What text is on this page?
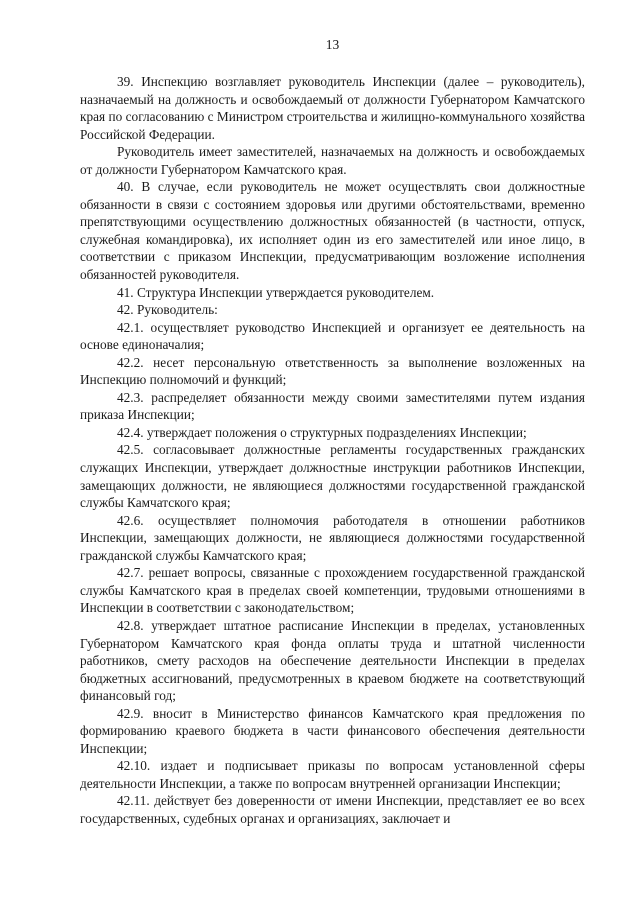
13

39. Инспекцию возглавляет руководитель Инспекции (далее – руководитель), назначаемый на должность и освобождаемый от должности Губернатором Камчатского края по согласованию с Министром строительства и жилищно-коммунального хозяйства Российской Федерации.

Руководитель имеет заместителей, назначаемых на должность и освобождаемых от должности Губернатором Камчатского края.

40. В случае, если руководитель не может осуществлять свои должностные обязанности в связи с состоянием здоровья или другими обстоятельствами, временно препятствующими осуществлению должностных обязанностей (в частности, отпуск, служебная командировка), их исполняет один из его заместителей или иное лицо, в соответствии с приказом Инспекции, предусматривающим возложение исполнения обязанностей руководителя.

41. Структура Инспекции утверждается руководителем.

42. Руководитель:

42.1. осуществляет руководство Инспекцией и организует ее деятельность на основе единоначалия;

42.2. несет персональную ответственность за выполнение возложенных на Инспекцию полномочий и функций;

42.3. распределяет обязанности между своими заместителями путем издания приказа Инспекции;

42.4. утверждает положения о структурных подразделениях Инспекции;

42.5. согласовывает должностные регламенты государственных гражданских служащих Инспекции, утверждает должностные инструкции работников Инспекции, замещающих должности, не являющиеся должностями государственной гражданской службы Камчатского края;

42.6. осуществляет полномочия работодателя в отношении работников Инспекции, замещающих должности, не являющиеся должностями государственной гражданской службы Камчатского края;

42.7. решает вопросы, связанные с прохождением государственной гражданской службы Камчатского края в пределах своей компетенции, трудовыми отношениями в Инспекции в соответствии с законодательством;

42.8. утверждает штатное расписание Инспекции в пределах, установленных Губернатором Камчатского края фонда оплаты труда и штатной численности работников, смету расходов на обеспечение деятельности Инспекции в пределах бюджетных ассигнований, предусмотренных в краевом бюджете на соответствующий финансовый год;

42.9. вносит в Министерство финансов Камчатского края предложения по формированию краевого бюджета в части финансового обеспечения деятельности Инспекции;

42.10. издает и подписывает приказы по вопросам установленной сферы деятельности Инспекции, а также по вопросам внутренней организации Инспекции;

42.11. действует без доверенности от имени Инспекции, представляет ее во всех государственных, судебных органах и организациях, заключает и
